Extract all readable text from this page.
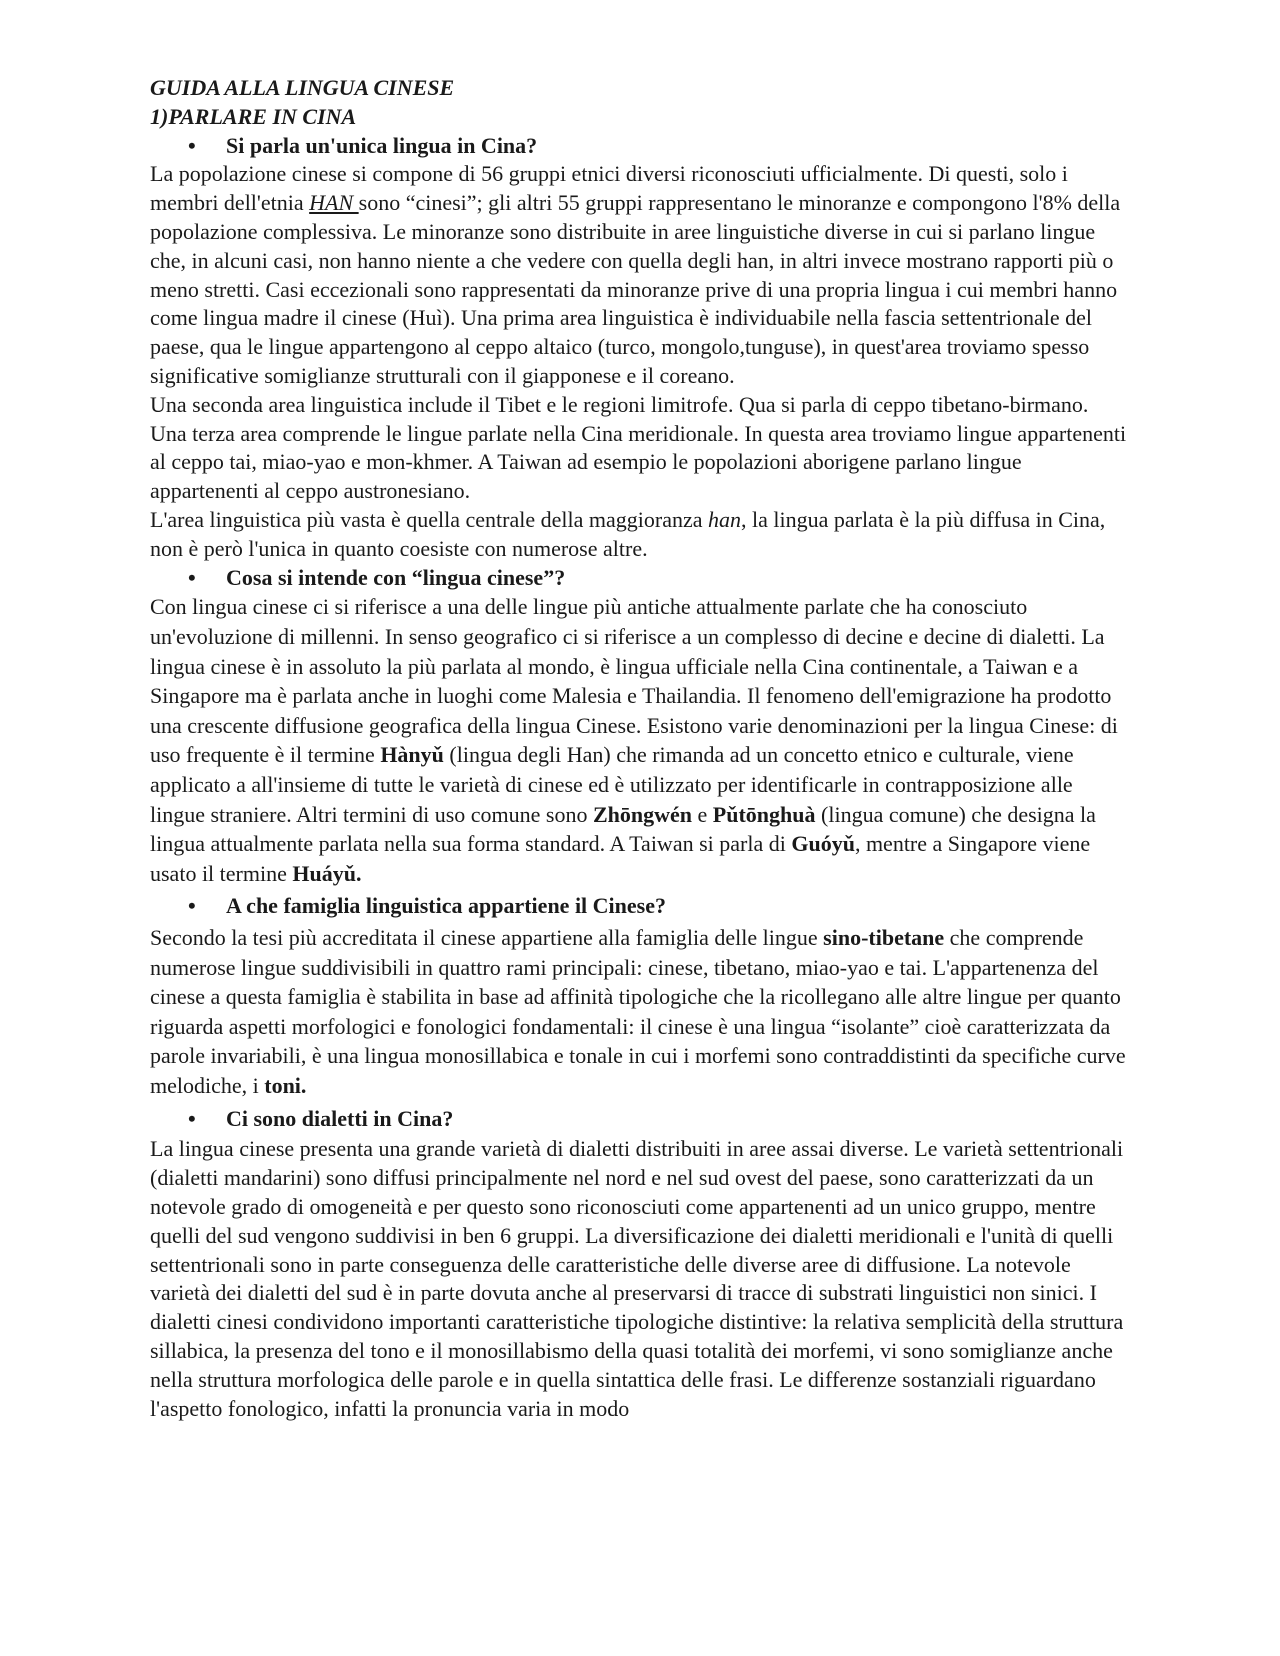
GUIDA ALLA LINGUA CINESE

1)PARLARE IN CINA

• Si parla un'unica lingua in Cina?

La popolazione cinese si compone di 56 gruppi etnici diversi riconosciuti ufficialmente. Di questi, solo i membri dell'etnia HAN sono “cinesi”; gli altri 55 gruppi rappresentano le minoranze e compongono l'8% della popolazione complessiva. Le minoranze sono distribuite in aree linguistiche diverse in cui si parlano lingue che, in alcuni casi, non hanno niente a che vedere con quella degli han, in altri invece mostrano rapporti più o meno stretti. Casi eccezionali sono rappresentati da minoranze prive di una propria lingua i cui membri hanno come lingua madre il cinese (Huì). Una prima area linguistica è individuabile nella fascia settentrionale del paese, qua le lingue appartengono al ceppo altaico (turco, mongolo,tunguse), in quest'area troviamo spesso significative somiglianze strutturali con il giapponese e il coreano.

Una seconda area linguistica include il Tibet e le regioni limitrofe. Qua si parla di ceppo tibetano-birmano.

Una terza area comprende le lingue parlate nella Cina meridionale. In questa area troviamo lingue appartenenti al ceppo tai, miao-yao e mon-khmer. A Taiwan ad esempio le popolazioni aborigene parlano lingue appartenenti al ceppo austronesiano.

L'area linguistica più vasta è quella centrale della maggioranza han, la lingua parlata è la più diffusa in Cina, non è però l'unica in quanto coesiste con numerose altre.

• Cosa si intende con “lingua cinese”?

Con lingua cinese ci si riferisce a una delle lingue più antiche attualmente parlate che ha conosciuto un'evoluzione di millenni. In senso geografico ci si riferisce a un complesso di decine e decine di dialetti. La lingua cinese è in assoluto la più parlata al mondo, è lingua ufficiale nella Cina continentale, a Taiwan e a Singapore ma è parlata anche in luoghi come Malesia e Thailandia. Il fenomeno dell'emigrazione ha prodotto una crescente diffusione geografica della lingua Cinese. Esistono varie denominazioni per la lingua Cinese: di uso frequente è il termine Hànyǔ (lingua degli Han) che rimanda ad un concetto etnico e culturale, viene applicato a all'insieme di tutte le varietà di cinese ed è utilizzato per identificarle in contrapposizione alle lingue straniere. Altri termini di uso comune sono Zhōngwén e Pǔtōnghuà (lingua comune) che designa la lingua attualmente parlata nella sua forma standard. A Taiwan si parla di Guóyǔ, mentre a Singapore viene usato il termine Huáyǔ.

• A che famiglia linguistica appartiene il Cinese?

Secondo la tesi più accreditata il cinese appartiene alla famiglia delle lingue sino-tibetane che comprende numerose lingue suddivisibili in quattro rami principali: cinese, tibetano, miao-yao e tai. L'appartenenza del cinese a questa famiglia è stabilita in base ad affinità tipologiche che la ricollegano alle altre lingue per quanto riguarda aspetti morfologici e fonologici fondamentali: il cinese è una lingua “isolante” cioè caratterizzata da parole invariabili, è una lingua monosillabica e tonale in cui i morfemi sono contraddistinti da specifiche curve melodiche, i toni.

• Ci sono dialetti in Cina?

La lingua cinese presenta una grande varietà di dialetti distribuiti in aree assai diverse. Le varietà settentrionali (dialetti mandarini) sono diffusi principalmente nel nord e nel sud ovest del paese, sono caratterizzati da un notevole grado di omogeneità e per questo sono riconosciuti come appartenenti ad un unico gruppo, mentre quelli del sud vengono suddivisi in ben 6 gruppi. La diversificazione dei dialetti meridionali e l'unità di quelli settentrionali sono in parte conseguenza delle caratteristiche delle diverse aree di diffusione. La notevole varietà dei dialetti del sud è in parte dovuta anche al preservarsi di tracce di substrati linguistici non sinici. I dialetti cinesi condividono importanti caratteristiche tipologiche distintive: la relativa semplicità della struttura sillabica, la presenza del tono e il monosillabismo della quasi totalità dei morfemi, vi sono somiglianze anche nella struttura morfologica delle parole e in quella sintattica delle frasi. Le differenze sostanziali riguardano l'aspetto fonologico, infatti la pronuncia varia in modo
